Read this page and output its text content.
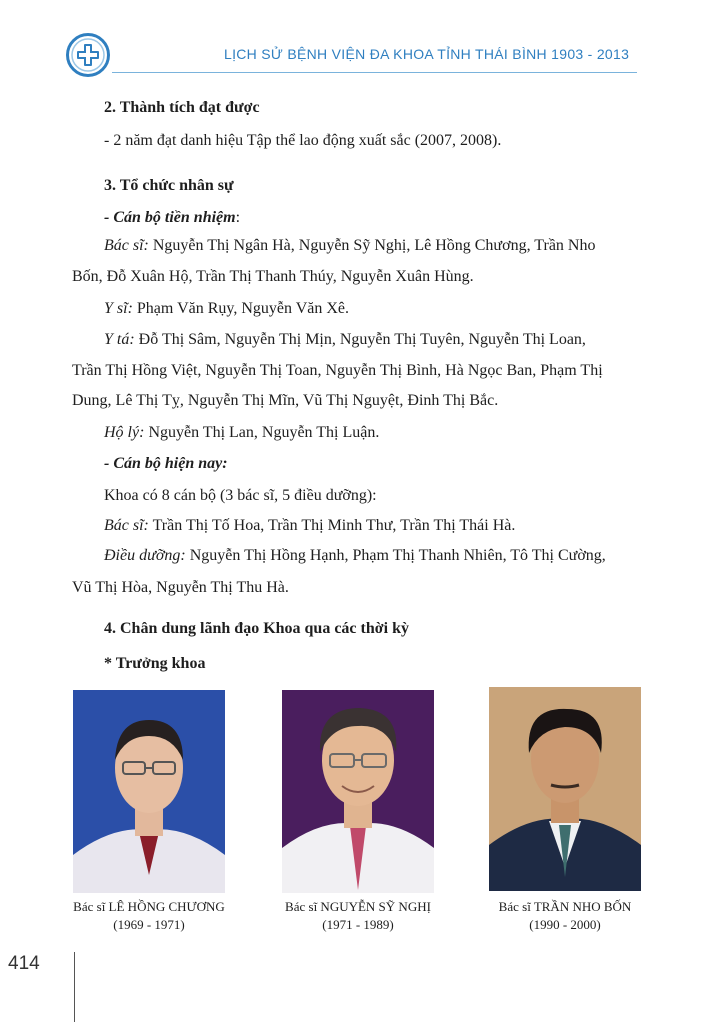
LỊCH SỬ BỆNH VIỆN ĐA KHOA TỈNH THÁI BÌNH 1903 - 2013
2. Thành tích đạt được
- 2 năm đạt danh hiệu Tập thể lao động xuất sắc (2007, 2008).
3. Tổ chức nhân sự
- Cán bộ tiền nhiệm:
Bác sĩ: Nguyễn Thị Ngân Hà, Nguyễn Sỹ Nghị, Lê Hồng Chương, Trần Nho
Bốn, Đỗ Xuân Hộ, Trần Thị Thanh Thúy, Nguyễn Xuân Hùng.
Y sĩ: Phạm Văn Rụy, Nguyễn Văn Xê.
Y tá: Đỗ Thị Sâm, Nguyễn Thị Mịn, Nguyễn Thị Tuyên, Nguyễn Thị Loan,
Trần Thị Hồng Việt, Nguyễn Thị Toan, Nguyễn Thị Bình, Hà Ngọc Ban, Phạm Thị
Dung, Lê Thị Tỵ, Nguyễn Thị Mĩn, Vũ Thị Nguyệt, Đinh Thị Bắc.
Hộ lý: Nguyễn Thị Lan, Nguyễn Thị Luận.
- Cán bộ hiện nay:
Khoa có 8 cán bộ (3 bác sĩ, 5 điều dưỡng):
Bác sĩ: Trần Thị Tố Hoa, Trần Thị Minh Thư, Trần Thị Thái Hà.
Điều dưỡng: Nguyễn Thị Hồng Hạnh, Phạm Thị Thanh Nhiên, Tô Thị Cường,
Vũ Thị Hòa, Nguyễn Thị Thu Hà.
4. Chân dung lãnh đạo Khoa qua các thời kỳ
* Trưởng khoa
Bác sĩ LÊ HỒNG CHƯƠNG
(1969 - 1971)
Bác sĩ NGUYỄN SỸ NGHỊ
(1971 - 1989)
Bác sĩ TRẦN NHO BỐN
(1990 - 2000)
414
